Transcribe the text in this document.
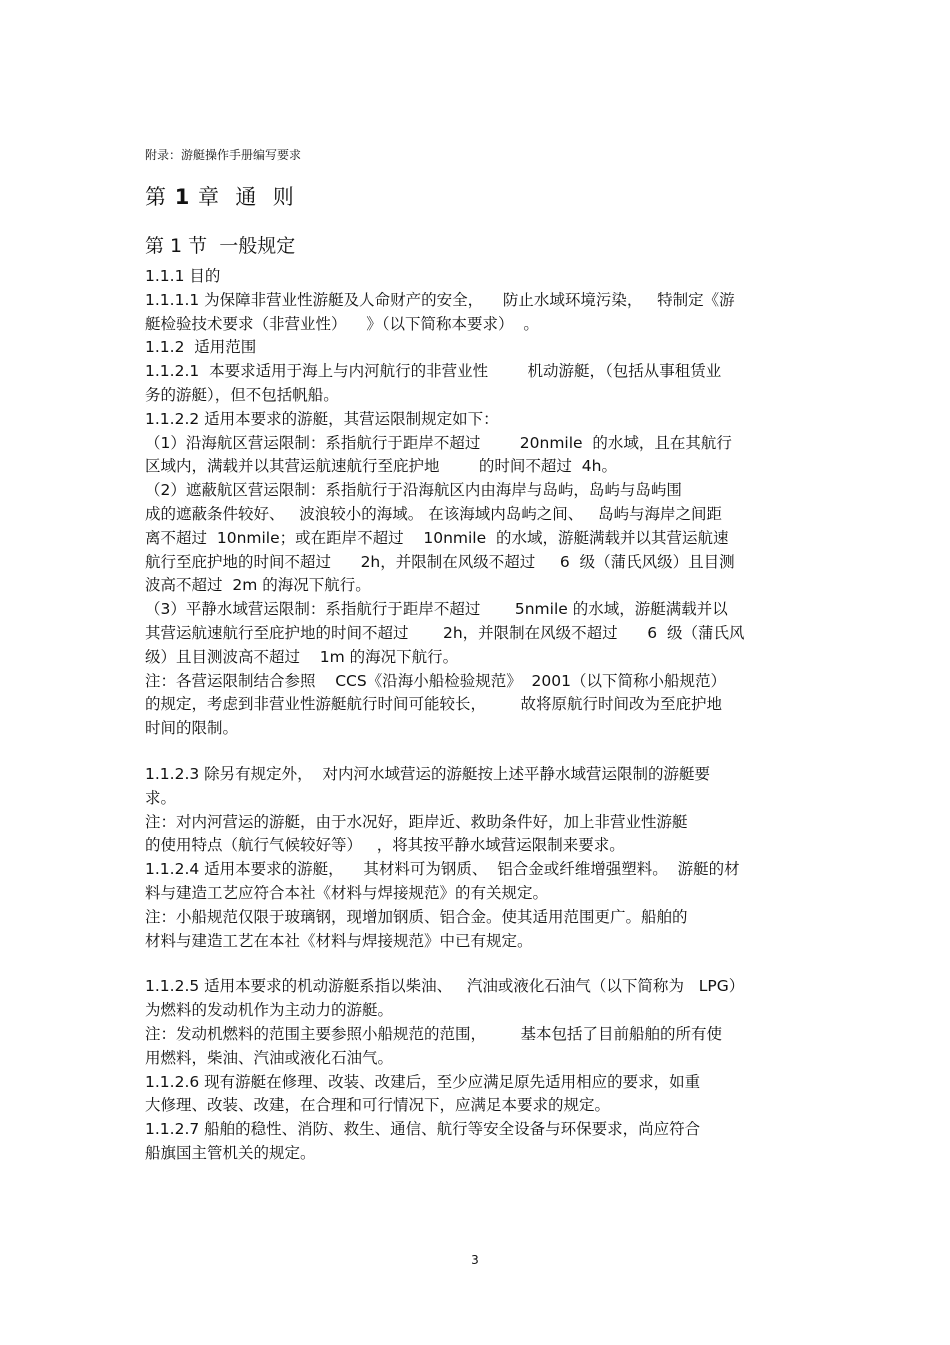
附录：游艇操作手册编写要求
第 1 章  通  则
第 1 节  一般规定
1.1.1 目的
1.1.1.1 为保障非营业性游艇及人命财产的安全，    防止水域环境污染，   特制定《游
艇检验技术要求（非营业性）    》（以下简称本要求）  。
1.1.2  适用范围
1.1.2.1  本要求适用于海上与内河航行的非营业性        机动游艇，（包括从事租赁业
务的游艇），但不包括帆船。
1.1.2.2 适用本要求的游艇，其营运限制规定如下：
（1）沿海航区营运限制：系指航行于距岸不超过        20nmile  的水域，且在其航行
区域内，满载并以其营运航速航行至庇护地        的时间不超过  4h。
（2）遮蔽航区营运限制：系指航行于沿海航区内由海岸与岛屿，岛屿与岛屿围
成的遮蔽条件较好、   波浪较小的海域。 在该海域内岛屿之间、   岛屿与海岸之间距
离不超过  10nmile；或在距岸不超过    10nmile  的水域，游艇满载并以其营运航速
航行至庇护地的时间不超过      2h，并限制在风级不超过     6  级（蒲氏风级）且目测
波高不超过  2m 的海况下航行。
（3）平静水域营运限制：系指航行于距岸不超过       5nmile 的水域，游艇满载并以
其营运航速航行至庇护地的时间不超过       2h，并限制在风级不超过      6  级（蒲氏风
级）且目测波高不超过    1m 的海况下航行。
注：各营运限制结合参照    CCS《沿海小船检验规范》  2001（以下简称小船规范）
的规定，考虑到非营业性游艇航行时间可能较长，       故将原航行时间改为至庇护地
时间的限制。
1.1.2.3 除另有规定外，  对内河水域营运的游艇按上述平静水域营运限制的游艇要
求。
注：对内河营运的游艇，由于水况好，距岸近、救助条件好，加上非营业性游艇
的使用特点（航行气候较好等）   ，将其按平静水域营运限制来要求。
1.1.2.4 适用本要求的游艇，    其材料可为钢质、  铝合金或纤维增强塑料。  游艇的材
料与建造工艺应符合本社《材料与焊接规范》的有关规定。
注：小船规范仅限于玻璃钢，现增加钢质、铝合金。使其适用范围更广。船舶的
材料与建造工艺在本社《材料与焊接规范》中已有规定。
1.1.2.5 适用本要求的机动游艇系指以柴油、   汽油或液化石油气（以下简称为   LPG）
为燃料的发动机作为主动力的游艇。
注：发动机燃料的范围主要参照小船规范的范围，       基本包括了目前船舶的所有使
用燃料，柴油、汽油或液化石油气。
1.1.2.6 现有游艇在修理、改装、改建后，至少应满足原先适用相应的要求，如重
大修理、改装、改建，在合理和可行情况下，应满足本要求的规定。
1.1.2.7 船舶的稳性、消防、救生、通信、航行等安全设备与环保要求，尚应符合
船旗国主管机关的规定。
3
